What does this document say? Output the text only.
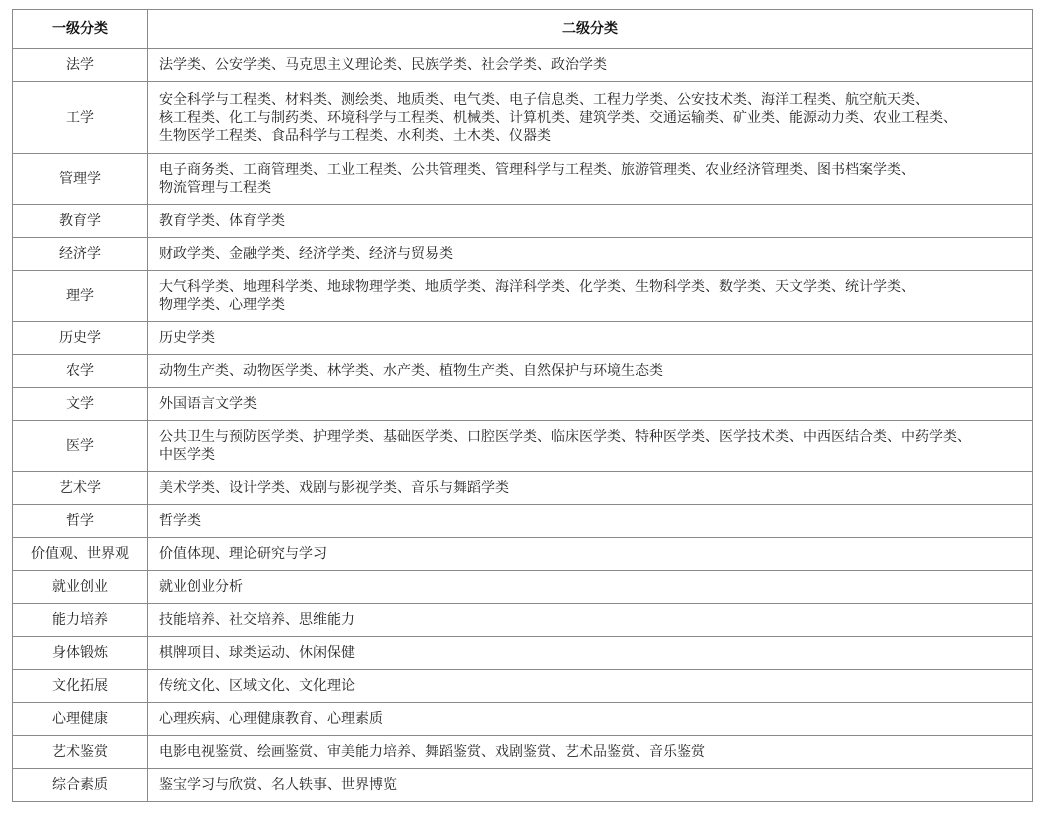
一级分类	二级分类
法学	法学类、公安学类、马克思主义理论类、民族学类、社会学类、政治学类
工学	安全科学与工程类、材料类、测绘类、地质类、电气类、电子信息类、工程力学类、公安技术类、海洋工程类、航空航天类、
核工程类、化工与制药类、环境科学与工程类、机械类、计算机类、建筑学类、交通运输类、矿业类、能源动力类、农业工程类、
生物医学工程类、食品科学与工程类、水利类、土木类、仪器类
管理学	电子商务类、工商管理类、工业工程类、公共管理类、管理科学与工程类、旅游管理类、农业经济管理类、图书档案学类、
物流管理与工程类
教育学	教育学类、体育学类
经济学	财政学类、金融学类、经济学类、经济与贸易类
理学	大气科学类、地理科学类、地球物理学类、地质学类、海洋科学类、化学类、生物科学类、数学类、天文学类、统计学类、
物理学类、心理学类
历史学	历史学类
农学	动物生产类、动物医学类、林学类、水产类、植物生产类、自然保护与环境生态类
文学	外国语言文学类
医学	公共卫生与预防医学类、护理学类、基础医学类、口腔医学类、临床医学类、特种医学类、医学技术类、中西医结合类、中药学类、
中医学类
艺术学	美术学类、设计学类、戏剧与影视学类、音乐与舞蹈学类
哲学	哲学类
价值观、世界观	价值体现、理论研究与学习
就业创业	就业创业分析
能力培养	技能培养、社交培养、思维能力
身体锻炼	棋牌项目、球类运动、休闲保健
文化拓展	传统文化、区域文化、文化理论
心理健康	心理疾病、心理健康教育、心理素质
艺术鉴赏	电影电视鉴赏、绘画鉴赏、审美能力培养、舞蹈鉴赏、戏剧鉴赏、艺术品鉴赏、音乐鉴赏
综合素质	鉴宝学习与欣赏、名人轶事、世界博览
